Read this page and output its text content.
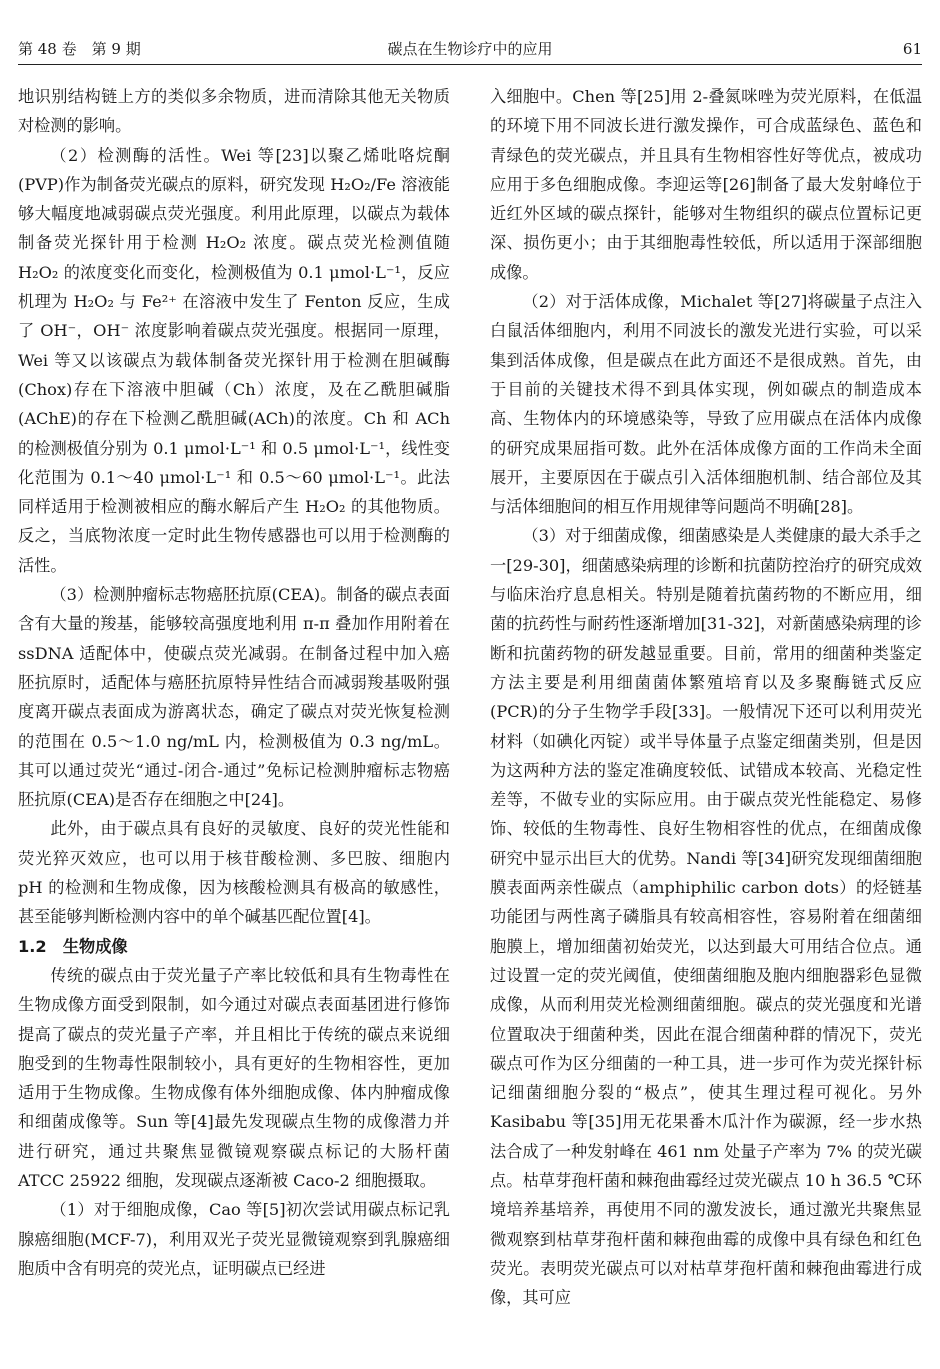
第 48 卷　第 9 期	碳点在生物诊疗中的应用	61

地识别结构链上方的类似多余物质，进而清除其他无关物质对检测的影响。

（2）检测酶的活性。Wei 等[23]以聚乙烯吡咯烷酮(PVP)作为制备荧光碳点的原料，研究发现 H₂O₂/Fe 溶液能够大幅度地减弱碳点荧光强度。利用此原理，以碳点为载体制备荧光探针用于检测 H₂O₂ 浓度。碳点荧光检测值随 H₂O₂ 的浓度变化而变化，检测极值为 0.1 μmol·L⁻¹，反应机理为 H₂O₂ 与 Fe²⁺ 在溶液中发生了 Fenton 反应，生成了 OH⁻，OH⁻ 浓度影响着碳点荧光强度。根据同一原理，Wei 等又以该碳点为载体制备荧光探针用于检测在胆碱酶(Chox)存在下溶液中胆碱（Ch）浓度，及在乙酰胆碱脂(AChE)的存在下检测乙酰胆碱(ACh)的浓度。Ch 和 ACh 的检测极值分别为 0.1 μmol·L⁻¹ 和 0.5 μmol·L⁻¹，线性变化范围为 0.1～40 μmol·L⁻¹ 和 0.5～60 μmol·L⁻¹。此法同样适用于检测被相应的酶水解后产生 H₂O₂ 的其他物质。反之，当底物浓度一定时此生物传感器也可以用于检测酶的活性。

（3）检测肿瘤标志物癌胚抗原(CEA)。制备的碳点表面含有大量的羧基，能够较高强度地利用 π-π 叠加作用附着在 ssDNA 适配体中，使碳点荧光减弱。在制备过程中加入癌胚抗原时，适配体与癌胚抗原特异性结合而减弱羧基吸附强度离开碳点表面成为游离状态，确定了碳点对荧光恢复检测的范围在 0.5～1.0 ng/mL 内，检测极值为 0.3 ng/mL。其可以通过荧光“通过-闭合-通过”免标记检测肿瘤标志物癌胚抗原(CEA)是否存在细胞之中[24]。

此外，由于碳点具有良好的灵敏度、良好的荧光性能和荧光猝灭效应，也可以用于核苷酸检测、多巴胺、细胞内 pH 的检测和生物成像，因为核酸检测具有极高的敏感性，甚至能够判断检测内容中的单个碱基匹配位置[4]。

1.2　生物成像

传统的碳点由于荧光量子产率比较低和具有生物毒性在生物成像方面受到限制，如今通过对碳点表面基团进行修饰提高了碳点的荧光量子产率，并且相比于传统的碳点来说细胞受到的生物毒性限制较小，具有更好的生物相容性，更加适用于生物成像。生物成像有体外细胞成像、体内肿瘤成像和细菌成像等。Sun 等[4]最先发现碳点生物的成像潜力并进行研究，通过共聚焦显微镜观察碳点标记的大肠杆菌 ATCC 25922 细胞，发现碳点逐渐被 Caco-2 细胞摄取。

（1）对于细胞成像，Cao 等[5]初次尝试用碳点标记乳腺癌细胞(MCF-7)，利用双光子荧光显微镜观察到乳腺癌细胞质中含有明亮的荧光点，证明碳点已经进

入细胞中。Chen 等[25]用 2-叠氮咪唑为荧光原料，在低温的环境下用不同波长进行激发操作，可合成蓝绿色、蓝色和青绿色的荧光碳点，并且具有生物相容性好等优点，被成功应用于多色细胞成像。李迎运等[26]制备了最大发射峰位于近红外区域的碳点探针，能够对生物组织的碳点位置标记更深、损伤更小；由于其细胞毒性较低，所以适用于深部细胞成像。

（2）对于活体成像，Michalet 等[27]将碳量子点注入白鼠活体细胞内，利用不同波长的激发光进行实验，可以采集到活体成像，但是碳点在此方面还不是很成熟。首先，由于目前的关键技术得不到具体实现，例如碳点的制造成本高、生物体内的环境感染等，导致了应用碳点在活体内成像的研究成果屈指可数。此外在活体成像方面的工作尚未全面展开，主要原因在于碳点引入活体细胞机制、结合部位及其与活体细胞间的相互作用规律等问题尚不明确[28]。

（3）对于细菌成像，细菌感染是人类健康的最大杀手之一[29-30]，细菌感染病理的诊断和抗菌防控治疗的研究成效与临床治疗息息相关。特别是随着抗菌药物的不断应用，细菌的抗药性与耐药性逐渐增加[31-32]，对新菌感染病理的诊断和抗菌药物的研发越显重要。目前，常用的细菌种类鉴定方法主要是利用细菌菌体繁殖培育以及多聚酶链式反应(PCR)的分子生物学手段[33]。一般情况下还可以利用荧光材料（如碘化丙锭）或半导体量子点鉴定细菌类别，但是因为这两种方法的鉴定准确度较低、试错成本较高、光稳定性差等，不做专业的实际应用。由于碳点荧光性能稳定、易修饰、较低的生物毒性、良好生物相容性的优点，在细菌成像研究中显示出巨大的优势。Nandi 等[34]研究发现细菌细胞膜表面两亲性碳点（amphiphilic carbon dots）的烃链基功能团与两性离子磷脂具有较高相容性，容易附着在细菌细胞膜上，增加细菌初始荧光，以达到最大可用结合位点。通过设置一定的荧光阈值，使细菌细胞及胞内细胞器彩色显微成像，从而利用荧光检测细菌细胞。碳点的荧光强度和光谱位置取决于细菌种类，因此在混合细菌种群的情况下，荧光碳点可作为区分细菌的一种工具，进一步可作为荧光探针标记细菌细胞分裂的“极点”，使其生理过程可视化。另外 Kasibabu 等[35]用无花果番木瓜汁作为碳源，经一步水热法合成了一种发射峰在 461 nm 处量子产率为 7% 的荧光碳点。枯草芽孢杆菌和棘孢曲霉经过荧光碳点 10 h 36.5 ℃环境培养基培养，再使用不同的激发波长，通过激光共聚焦显微观察到枯草芽孢杆菌和棘孢曲霉的成像中具有绿色和红色荧光。表明荧光碳点可以对枯草芽孢杆菌和棘孢曲霉进行成像，其可应
